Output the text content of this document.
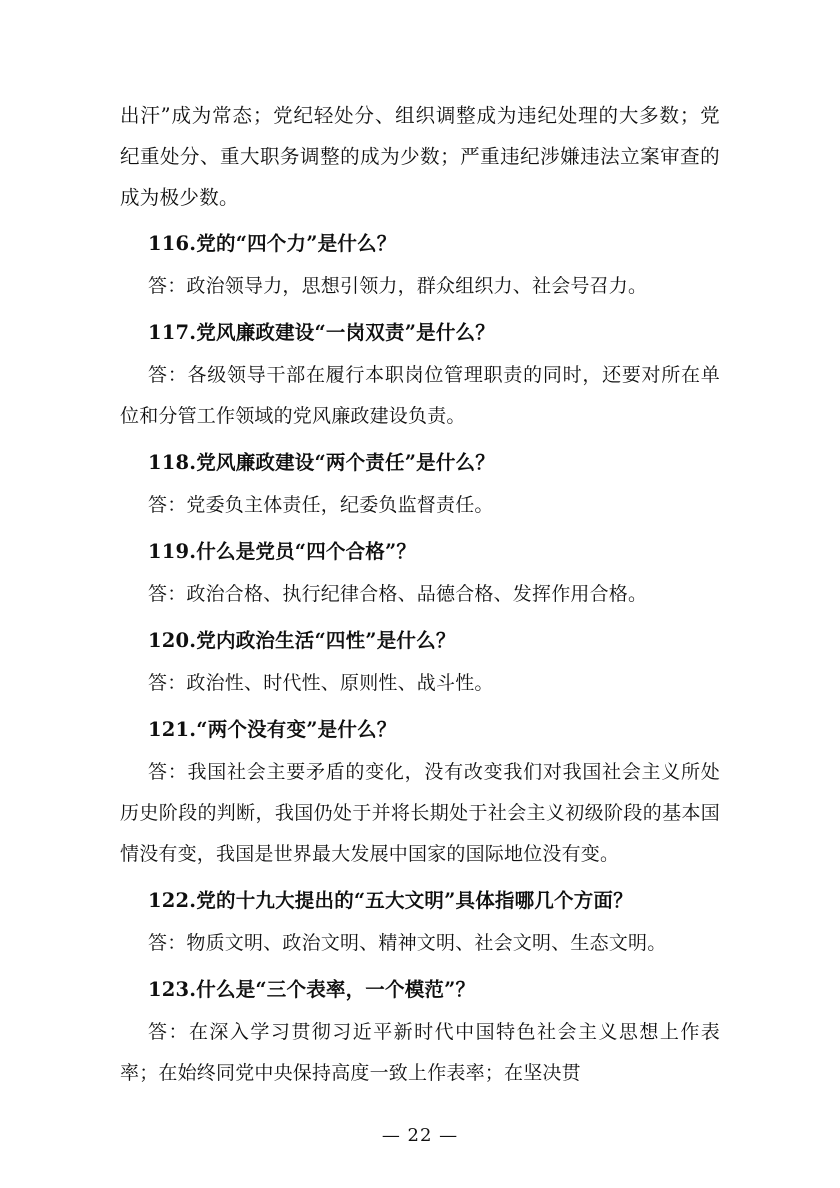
出汗”成为常态；党纪轻处分、组织调整成为违纪处理的大多数；党纪重处分、重大职务调整的成为少数；严重违纪涉嫌违法立案审查的成为极少数。

116.党的“四个力”是什么？

答：政治领导力，思想引领力，群众组织力、社会号召力。

117.党风廉政建设“一岗双责”是什么？

答：各级领导干部在履行本职岗位管理职责的同时，还要对所在单位和分管工作领域的党风廉政建设负责。

118.党风廉政建设“两个责任”是什么？

答：党委负主体责任，纪委负监督责任。

119.什么是党员“四个合格”？

答：政治合格、执行纪律合格、品德合格、发挥作用合格。

120.党内政治生活“四性”是什么？

答：政治性、时代性、原则性、战斗性。

121.“两个没有变”是什么？

答：我国社会主要矛盾的变化，没有改变我们对我国社会主义所处历史阶段的判断，我国仍处于并将长期处于社会主义初级阶段的基本国情没有变，我国是世界最大发展中国家的国际地位没有变。

122.党的十九大提出的“五大文明”具体指哪几个方面？

答：物质文明、政治文明、精神文明、社会文明、生态文明。

123.什么是“三个表率，一个模范”？

答：在深入学习贯彻习近平新时代中国特色社会主义思想上作表率；在始终同党中央保持高度一致上作表率；在坚决贯

— 22 —
